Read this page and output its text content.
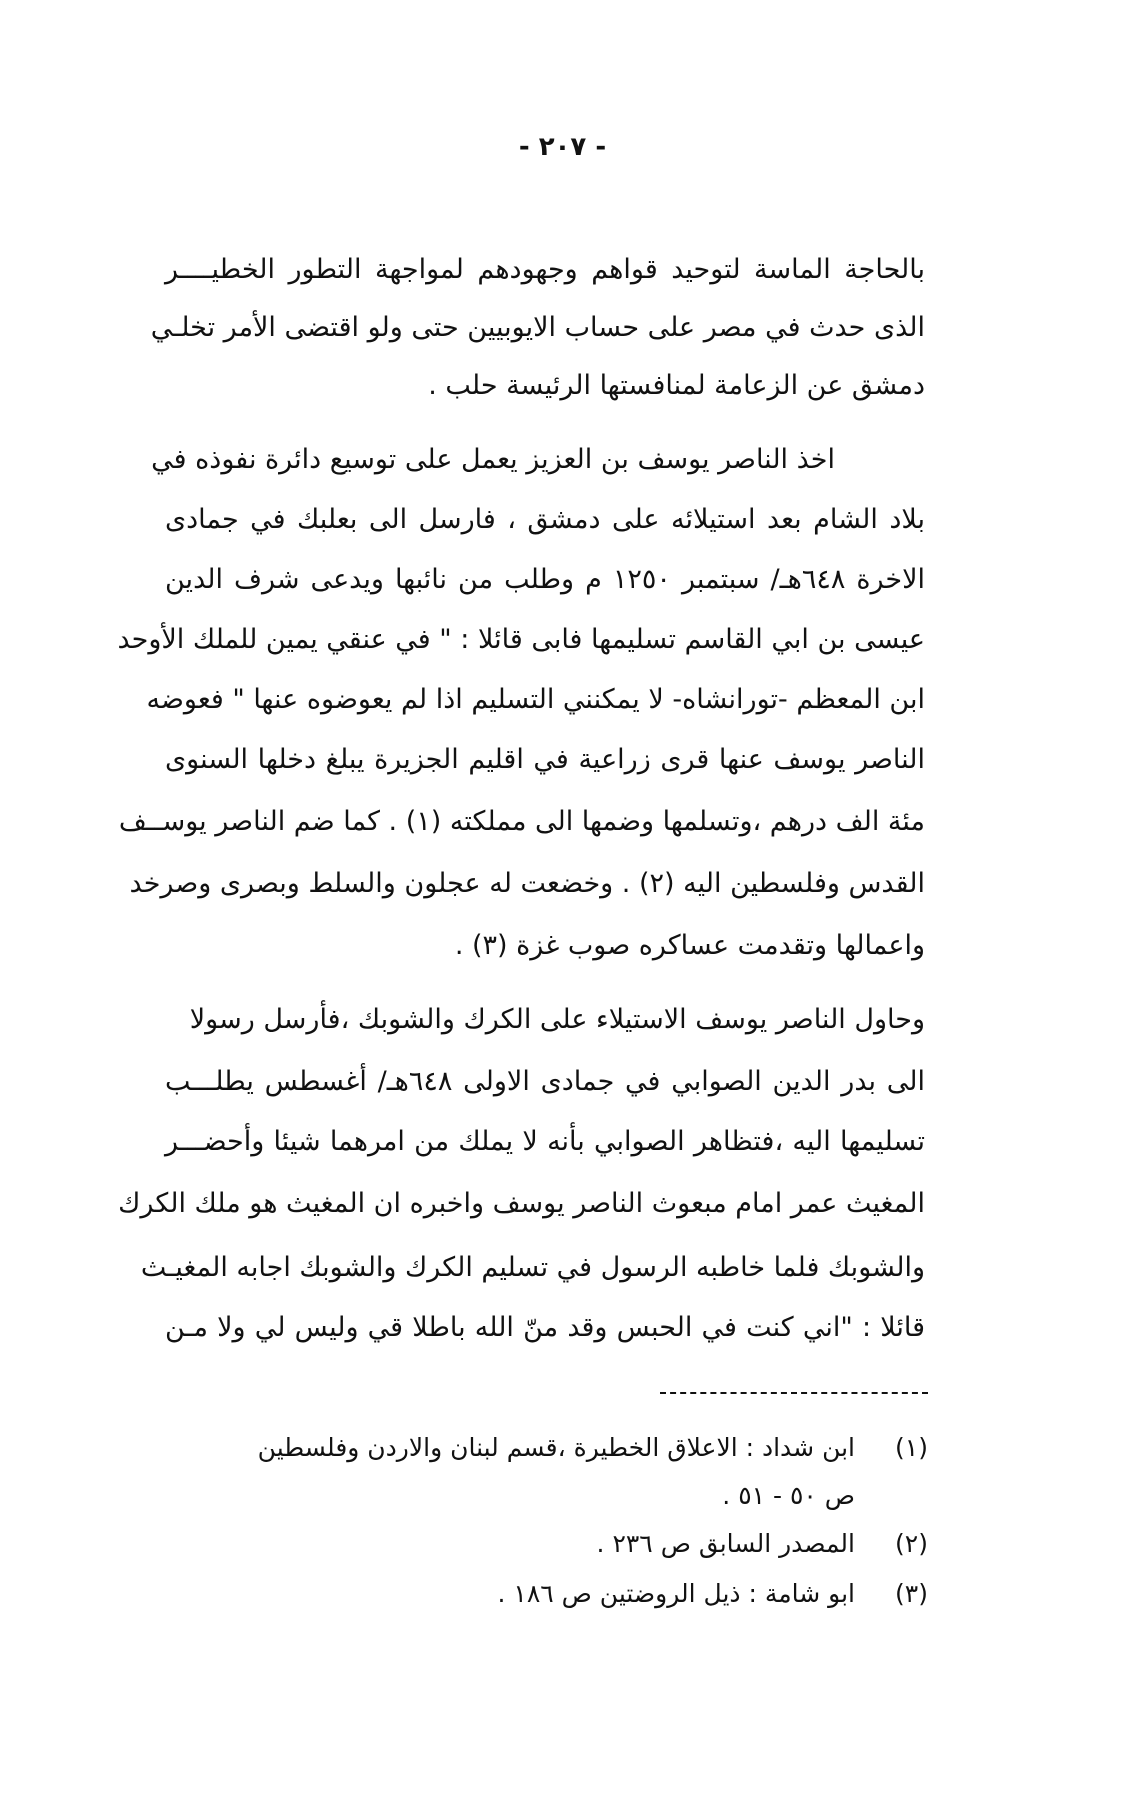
- ٢٠٧ -
بالحاجة الماسة لتوحيد قواهم وجهودهم لمواجهة التطور الخطيــــر
الذى حدث في مصر على حساب الايوبيين حتى ولو اقتضى الأمر تخلـي
دمشق عن الزعامة لمنافستها الرئيسة حلب .
اخذ الناصر يوسف بن العزيز يعمل على توسيع دائرة نفوذه في
بلاد الشام بعد استيلائه على دمشق ، فارسل الى بعلبك في جمادى
الاخرة ٦٤٨هـ/ سبتمبر ١٢٥٠ م وطلب من نائبها ويدعى شرف الدين
عيسى بن ابي القاسم تسليمها فابى قائلا : " في عنقي يمين للملك الأوحد
ابن المعظم -تورانشاه- لا يمكنني التسليم اذا لم يعوضوه عنها " فعوضه
الناصر يوسف عنها قرى زراعية في اقليم الجزيرة يبلغ دخلها السنوى
مئة الف درهم ،وتسلمها وضمها الى مملكته (١) . كما ضم الناصر يوســف
القدس وفلسطين اليه (٢) . وخضعت له عجلون والسلط وبصرى وصرخد
واعمالها وتقدمت عساكره صوب غزة (٣) .
وحاول الناصر يوسف الاستيلاء على الكرك والشوبك ،فأرسل رسولا
الى بدر الدين الصوابي في جمادى الاولى ٦٤٨هـ/ أغسطس يطلـــب
تسليمها اليه ،فتظاهر الصوابي بأنه لا يملك من امرهما شيئا وأحضـــر
المغيث عمر امام مبعوث الناصر يوسف واخبره ان المغيث هو ملك الكرك
والشوبك فلما خاطبه الرسول في تسليم الكرك والشوبك اجابه المغيـث
قائلا : "اني كنت في الحبس وقد منّ الله باطلا قي وليس لي ولا مـن
(١)
ابن شداد : الاعلاق الخطيرة ،قسم لبنان والاردن وفلسطين
ص ٥٠ - ٥١ .
(٢)
المصدر السابق ص ٢٣٦ .
(٣)
ابو شامة : ذيل الروضتين ص ١٨٦ .
